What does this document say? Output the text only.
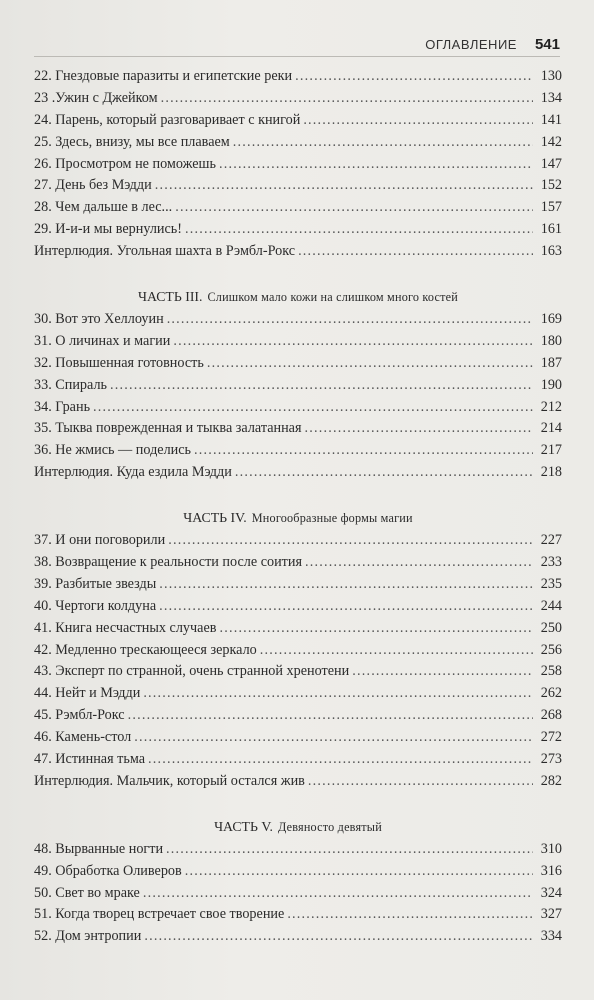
ОГЛАВЛЕНИЕ 541
22. Гнездовые паразиты и египетские реки .....	130
23 .Ужин с Джейком .....	134
24. Парень, который разговаривает с книгой .....	141
25. Здесь, внизу, мы все плаваем .....	142
26. Просмотром не поможешь .....	147
27. День без Мэдди .....	152
28. Чем дальше в лес... .....	157
29. И-и-и мы вернулись! .....	161
Интерлюдия. Угольная шахта в Рэмбл-Рокс .....	163
ЧАСТЬ III. Слишком мало кожи на слишком много костей
30. Вот это Хеллоуин .....	169
31. О личинах и магии .....	180
32. Повышенная готовность .....	187
33. Спираль .....	190
34. Грань .....	212
35. Тыква поврежденная и тыква залатанная .....	214
36. Не жмись — поделись .....	217
Интерлюдия. Куда ездила Мэдди .....	218
ЧАСТЬ IV. Многообразные формы магии
37. И они поговорили .....	227
38. Возвращение к реальности после соития .....	233
39. Разбитые звезды .....	235
40. Чертоги колдуна .....	244
41. Книга несчастных случаев .....	250
42. Медленно трескающееся зеркало .....	256
43. Эксперт по странной, очень странной хренотени .....	258
44. Нейт и Мэдди .....	262
45. Рэмбл-Рокс .....	268
46. Камень-стол .....	272
47. Истинная тьма .....	273
Интерлюдия. Мальчик, который остался жив .....	282
ЧАСТЬ V. Девяносто девятый
48. Вырванные ногти .....	310
49. Обработка Оливеров .....	316
50. Свет во мраке .....	324
51. Когда творец встречает свое творение .....	327
52. Дом энтропии .....	334
